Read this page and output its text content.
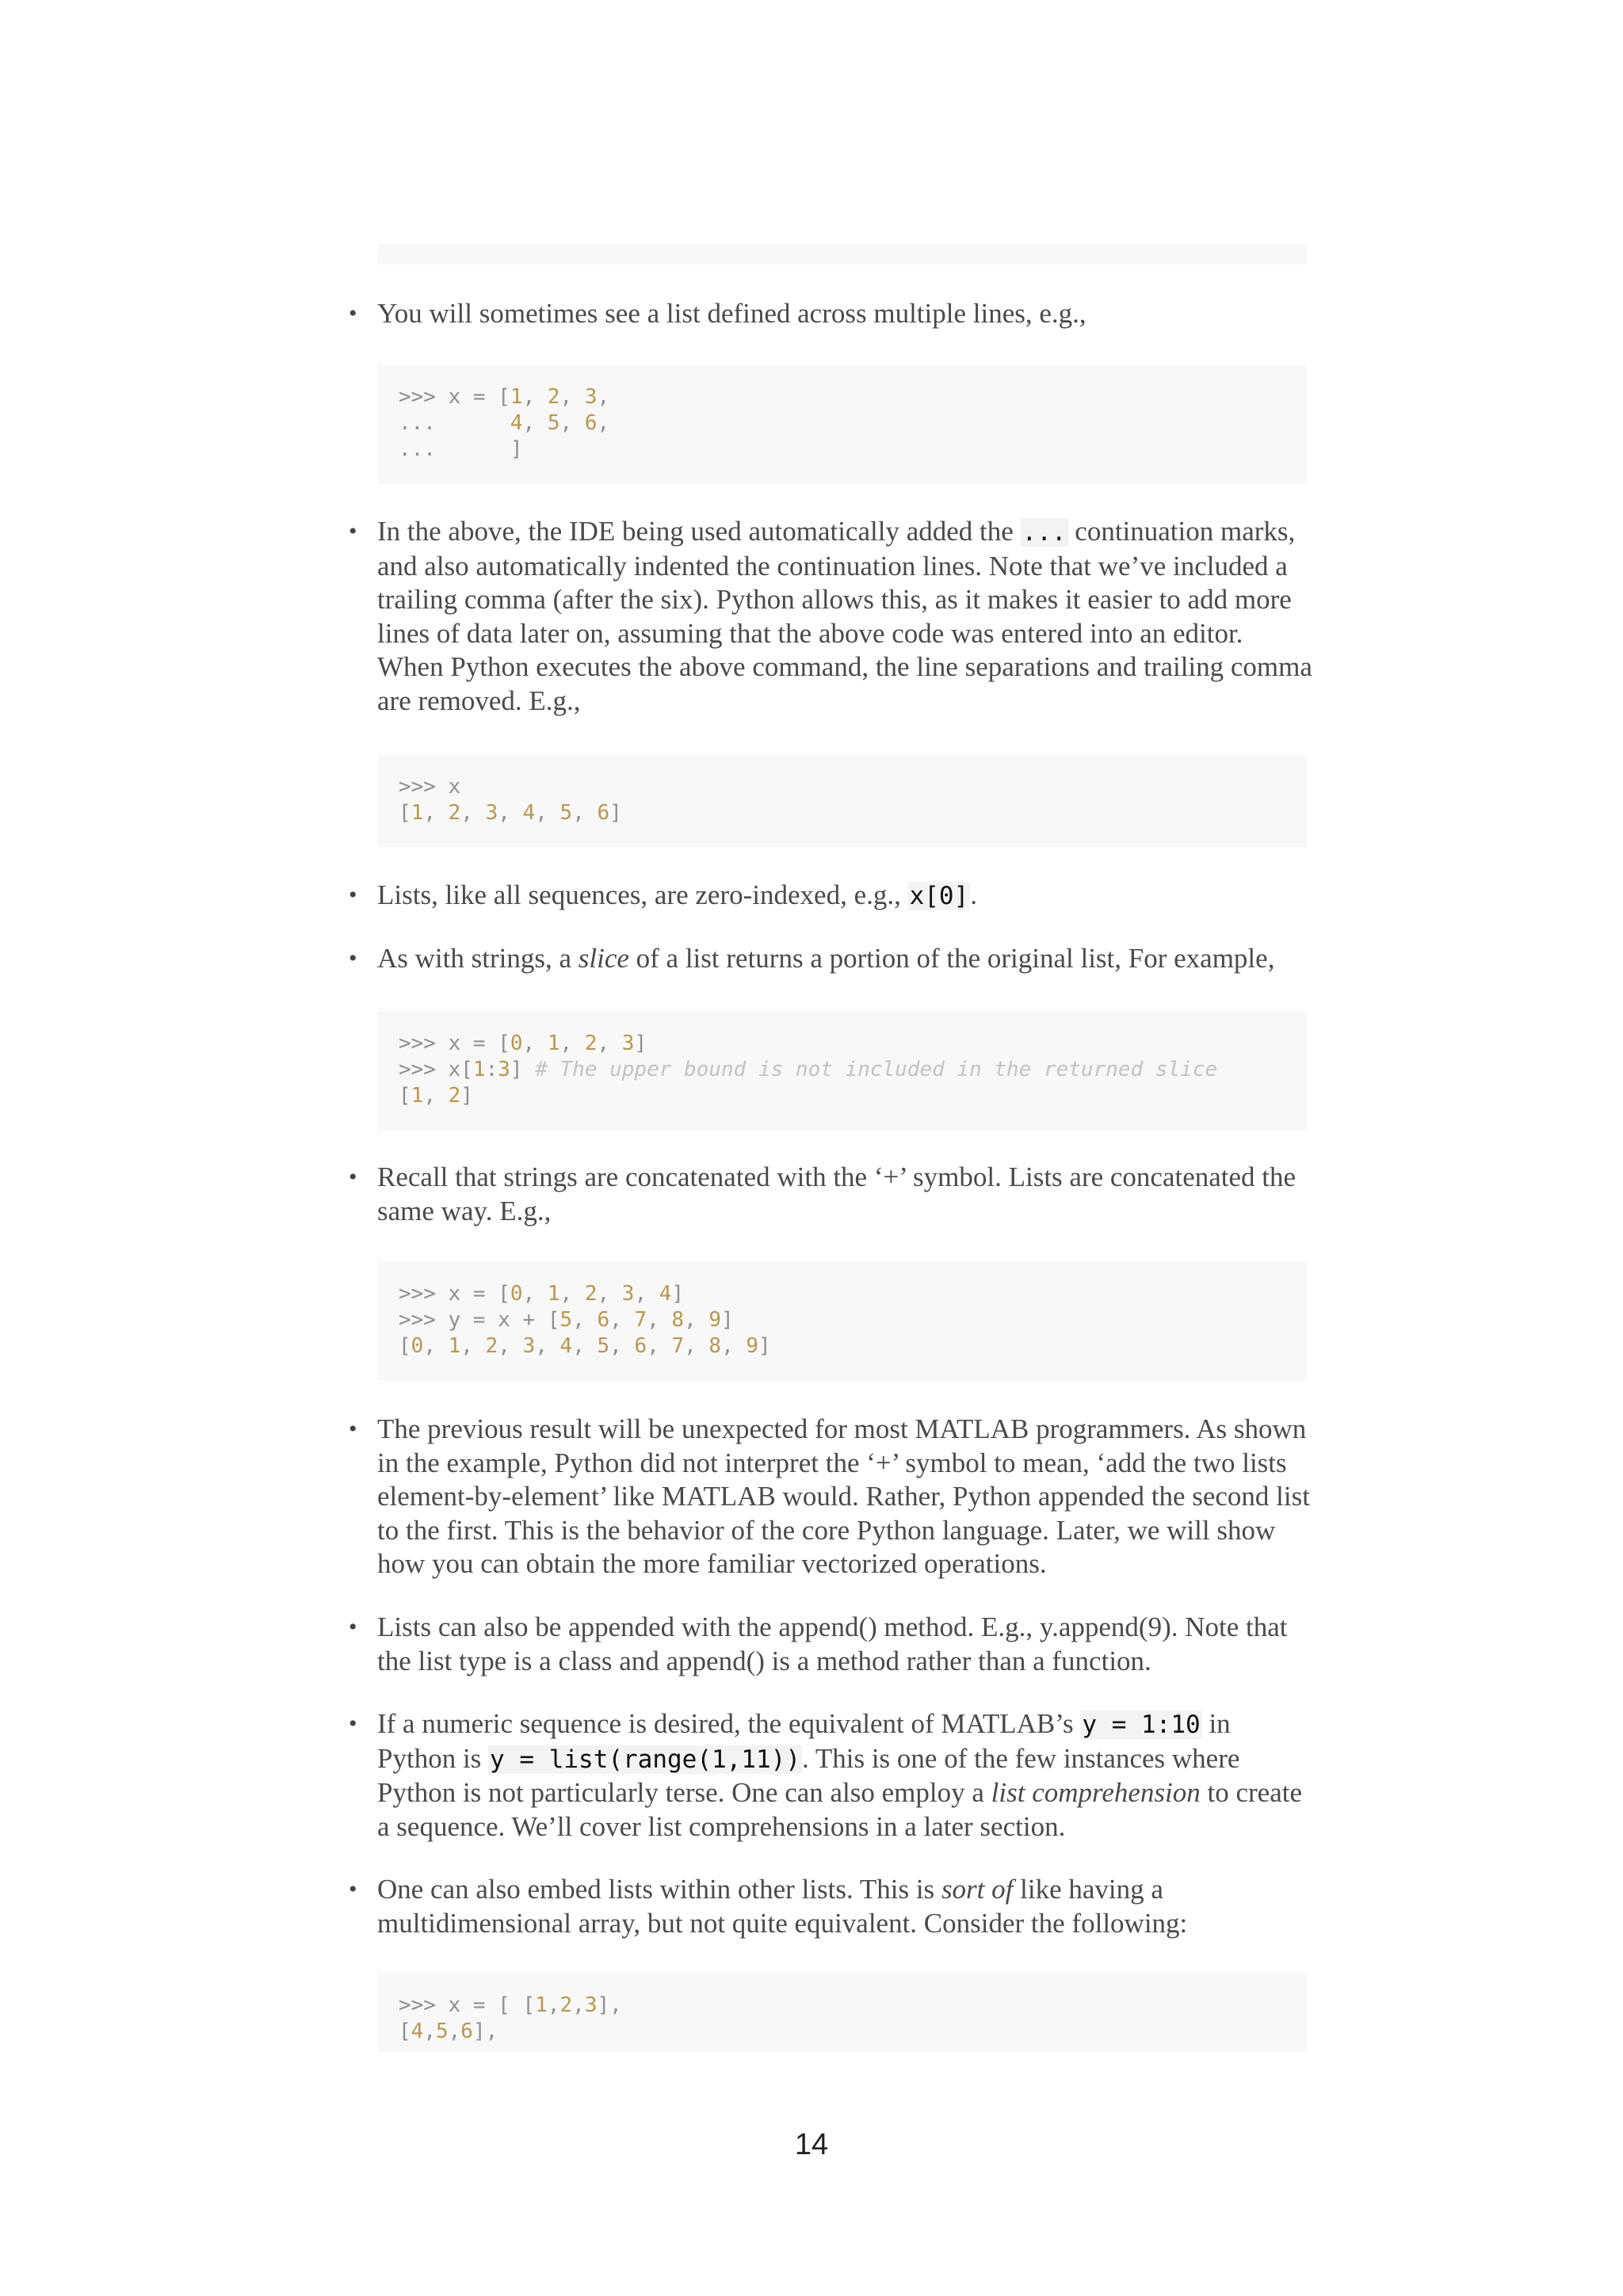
• You will sometimes see a list defined across multiple lines, e.g.,
>>> x = [1, 2, 3,
...      4, 5, 6,
...      ]
• In the above, the IDE being used automatically added the ... continuation marks, and also automatically indented the continuation lines. Note that we’ve included a trailing comma (after the six). Python allows this, as it makes it easier to add more lines of data later on, assuming that the above code was entered into an editor. When Python executes the above command, the line separations and trailing comma are removed. E.g.,
>>> x
[1, 2, 3, 4, 5, 6]
• Lists, like all sequences, are zero-indexed, e.g., x[0].
• As with strings, a slice of a list returns a portion of the original list, For example,
>>> x = [0, 1, 2, 3]
>>> x[1:3] # The upper bound is not included in the returned slice
[1, 2]
• Recall that strings are concatenated with the ‘+’ symbol. Lists are concatenated the same way. E.g.,
>>> x = [0, 1, 2, 3, 4]
>>> y = x + [5, 6, 7, 8, 9]
[0, 1, 2, 3, 4, 5, 6, 7, 8, 9]
• The previous result will be unexpected for most MATLAB programmers. As shown in the example, Python did not interpret the ‘+’ symbol to mean, ‘add the two lists element-by-element’ like MATLAB would. Rather, Python appended the second list to the first. This is the behavior of the core Python language. Later, we will show how you can obtain the more familiar vectorized operations.
• Lists can also be appended with the append() method. E.g., y.append(9). Note that the list type is a class and append() is a method rather than a function.
• If a numeric sequence is desired, the equivalent of MATLAB’s y = 1:10 in Python is y = list(range(1,11)). This is one of the few instances where Python is not particularly terse. One can also employ a list comprehension to create a sequence. We’ll cover list comprehensions in a later section.
• One can also embed lists within other lists. This is sort of like having a multidimensional array, but not quite equivalent. Consider the following:
>>> x = [ [1,2,3],
[4,5,6],
14
